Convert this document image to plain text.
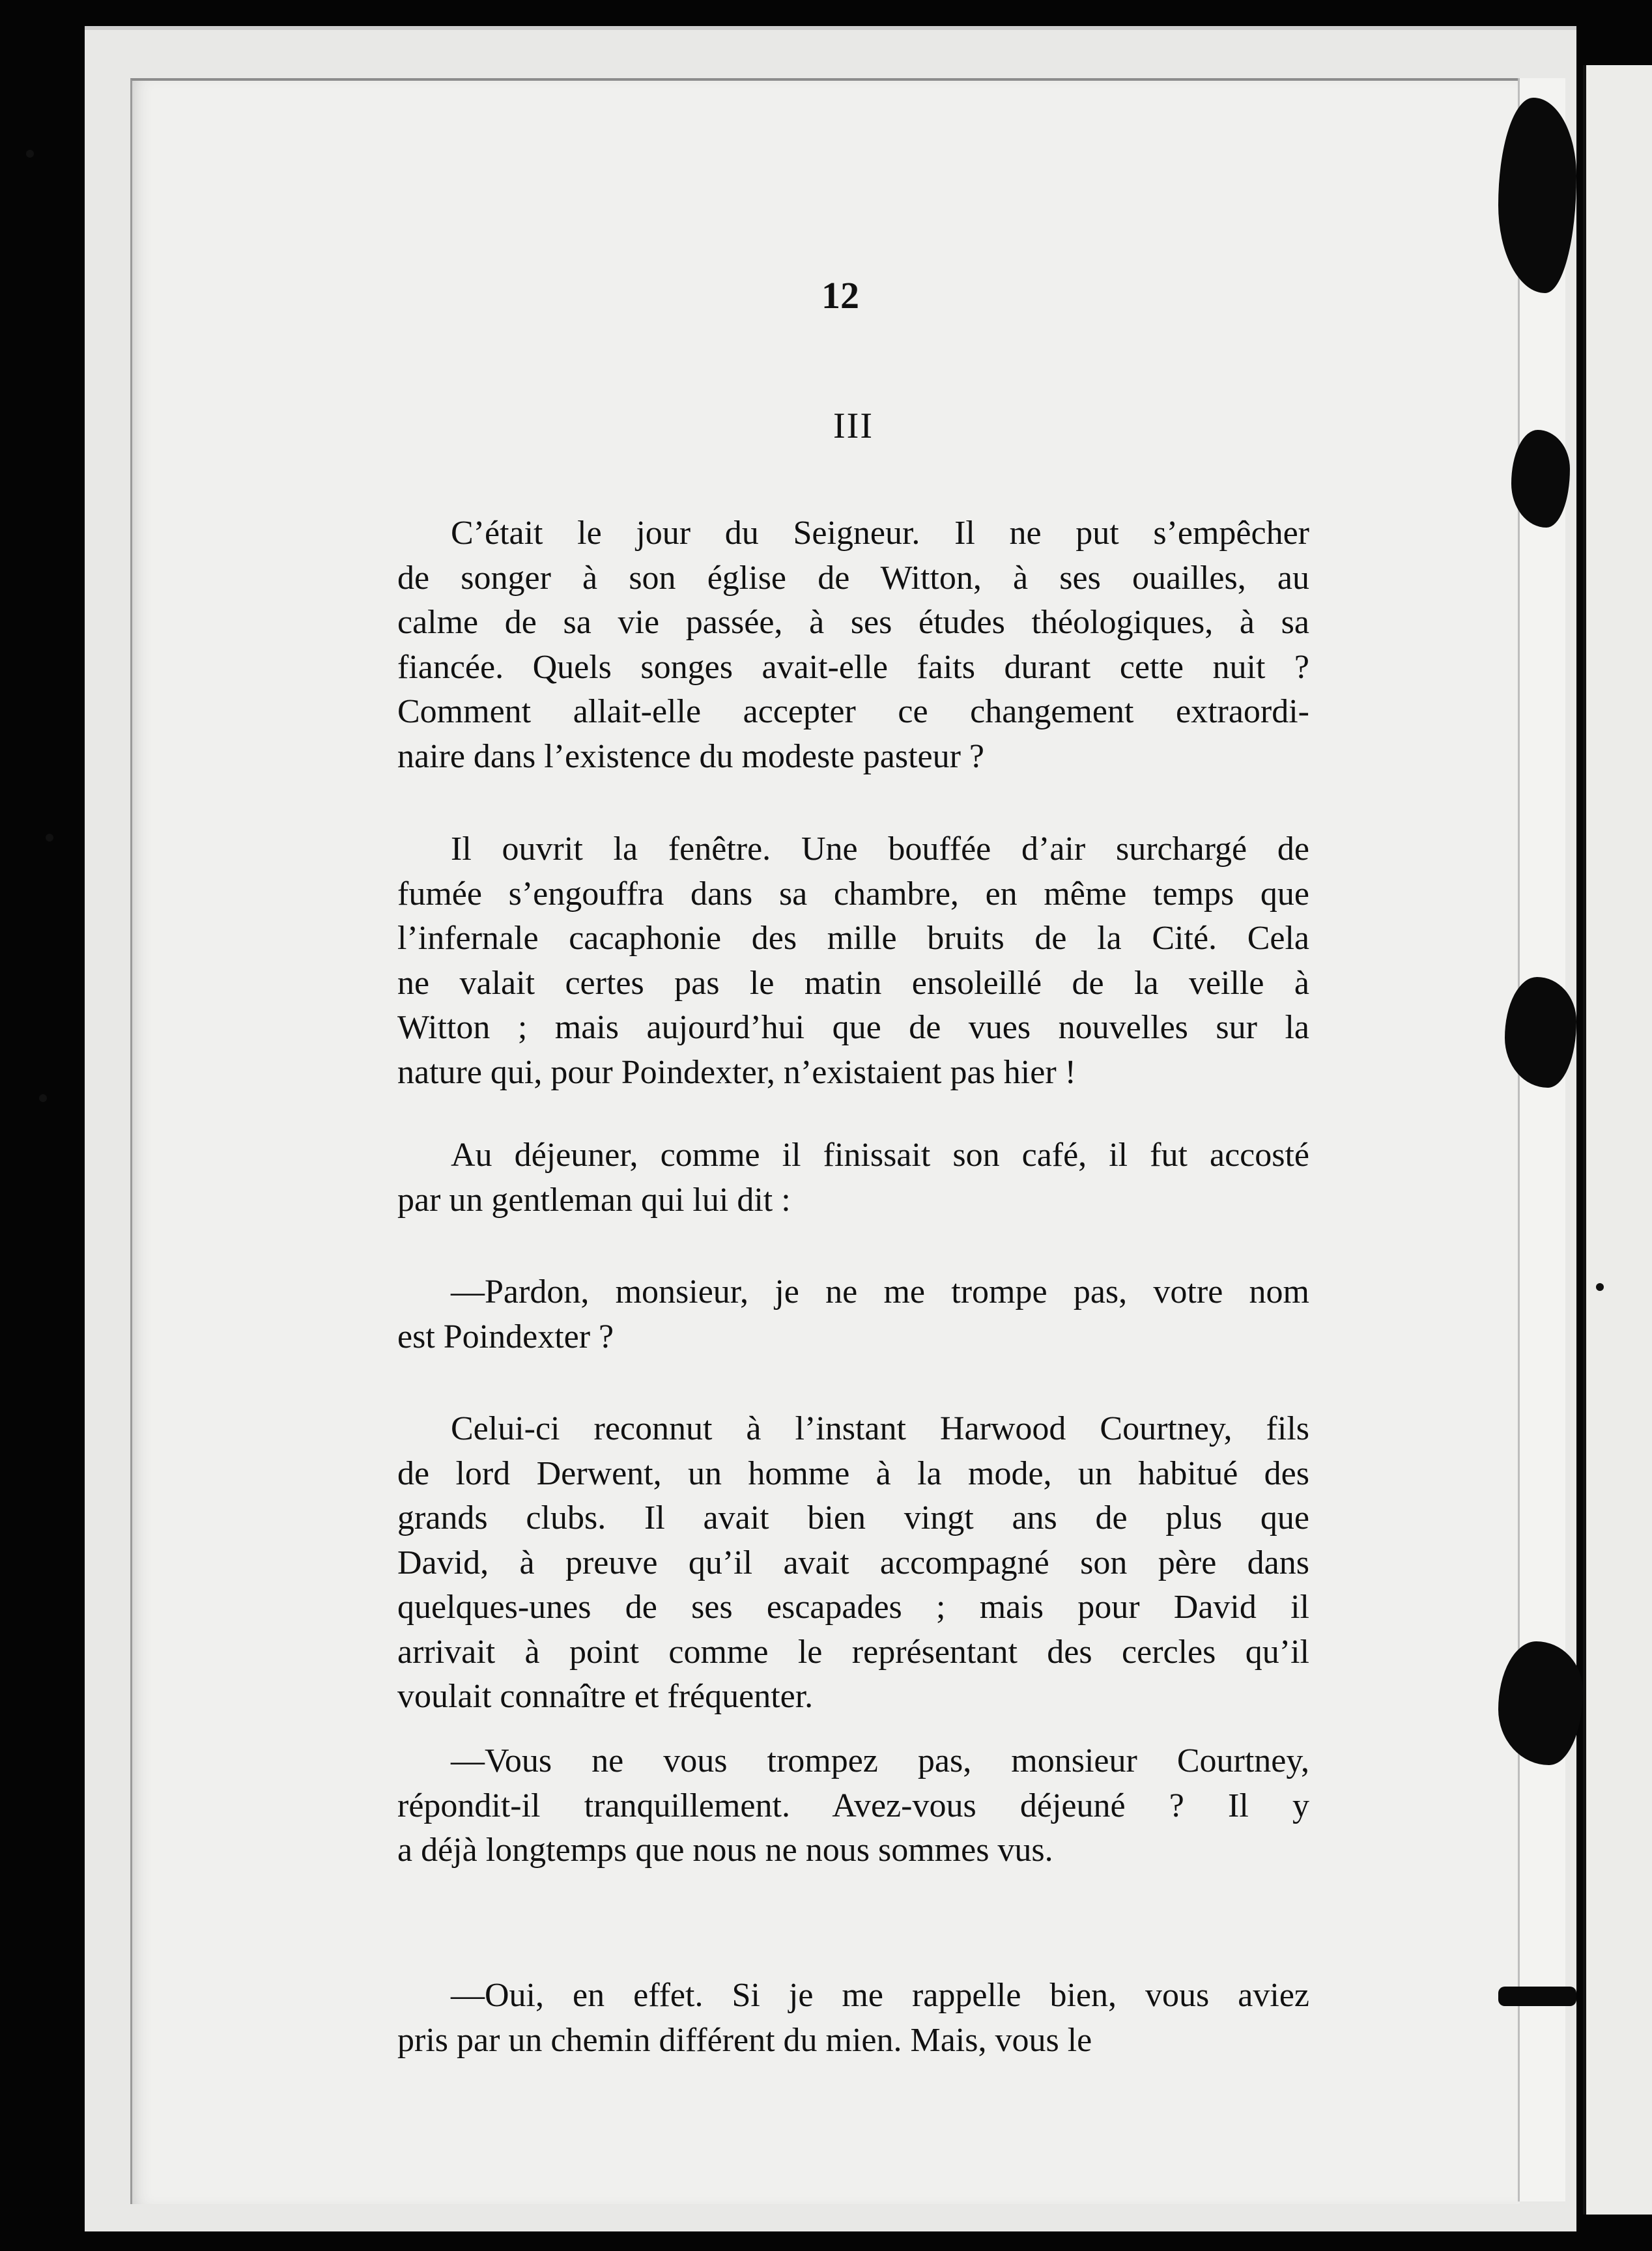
12
III
C’était le jour du Seigneur. Il ne put s’empêcher
de songer à son église de Witton, à ses ouailles, au
calme de sa vie passée, à ses études théologiques, à sa
fiancée. Quels songes avait-elle faits durant cette nuit ?
Comment allait-elle accepter ce changement extraordi-
naire dans l’existence du modeste pasteur ?
Il ouvrit la fenêtre. Une bouffée d’air surchargé de
fumée s’engouffra dans sa chambre, en même temps que
l’infernale cacaphonie des mille bruits de la Cité. Cela
ne valait certes pas le matin ensoleillé de la veille à
Witton ; mais aujourd’hui que de vues nouvelles sur la
nature qui, pour Poindexter, n’existaient pas hier !
Au déjeuner, comme il finissait son café, il fut accosté
par un gentleman qui lui dit :
—Pardon, monsieur, je ne me trompe pas, votre nom
est Poindexter ?
Celui-ci reconnut à l’instant Harwood Courtney, fils
de lord Derwent, un homme à la mode, un habitué des
grands clubs. Il avait bien vingt ans de plus que
David, à preuve qu’il avait accompagné son père dans
quelques-unes de ses escapades ; mais pour David il
arrivait à point comme le représentant des cercles qu’il
voulait connaître et fréquenter.
—Vous ne vous trompez pas, monsieur Courtney,
répondit-il tranquillement. Avez-vous déjeuné ? Il y
a déjà longtemps que nous ne nous sommes vus.
—Oui, en effet. Si je me rappelle bien, vous aviez
pris par un chemin différent du mien. Mais, vous le
